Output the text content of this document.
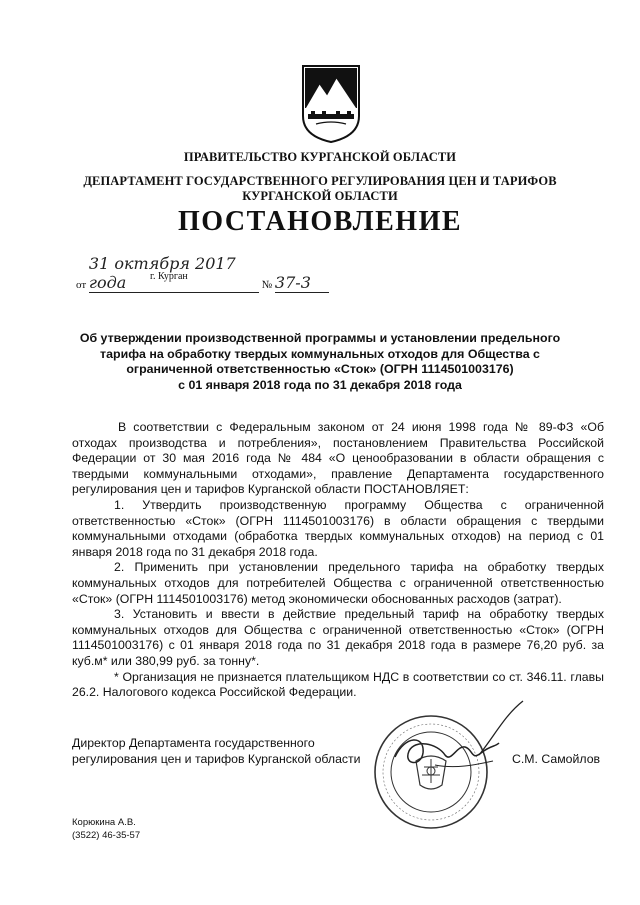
ПРАВИТЕЛЬСТВО КУРГАНСКОЙ ОБЛАСТИ
ДЕПАРТАМЕНТ ГОСУДАРСТВЕННОГО РЕГУЛИРОВАНИЯ ЦЕН И ТАРИФОВ
КУРГАНСКОЙ ОБЛАСТИ
ПОСТАНОВЛЕНИЕ
от 31 октября 2017 года	№ 37-3
г. Курган
Об утверждении производственной программы и установлении предельного
тарифа на обработку твердых коммунальных отходов для Общества с
ограниченной ответственностью «Сток» (ОГРН 1114501003176)
с 01 января 2018 года по 31 декабря 2018 года

В соответствии с Федеральным законом от 24 июня 1998 года № 89-ФЗ «Об отходах производства и потребления», постановлением Правительства Российской Федерации от 30 мая 2016 года № 484 «О ценообразовании в области обращения с твердыми коммунальными отходами», правление Департамента государственного регулирования цен и тарифов Курганской области ПОСТАНОВЛЯЕТ:

1. Утвердить производственную программу Общества с ограниченной ответственностью «Сток» (ОГРН 1114501003176) в области обращения с твердыми коммунальными отходами (обработка твердых коммунальных отходов) на период с 01 января 2018 года по 31 декабря 2018 года.

2. Применить при установлении предельного тарифа на обработку твердых коммунальных отходов для потребителей Общества с ограниченной ответственностью «Сток» (ОГРН 1114501003176) метод экономически обоснованных расходов (затрат).

3. Установить и ввести в действие предельный тариф на обработку твердых коммунальных отходов для Общества с ограниченной ответственностью «Сток» (ОГРН 1114501003176) с 01 января 2018 года по 31 декабря 2018 года в размере 76,20 руб. за куб.м* или 380,99 руб. за тонну*.

* Организация не признается плательщиком НДС в соответствии со ст. 346.11. главы 26.2. Налогового кодекса Российской Федерации.

Директор Департамента государственного
регулирования цен и тарифов Курганской области	С.М. Самойлов
Корюкина А.В.
(3522) 46-35-57
